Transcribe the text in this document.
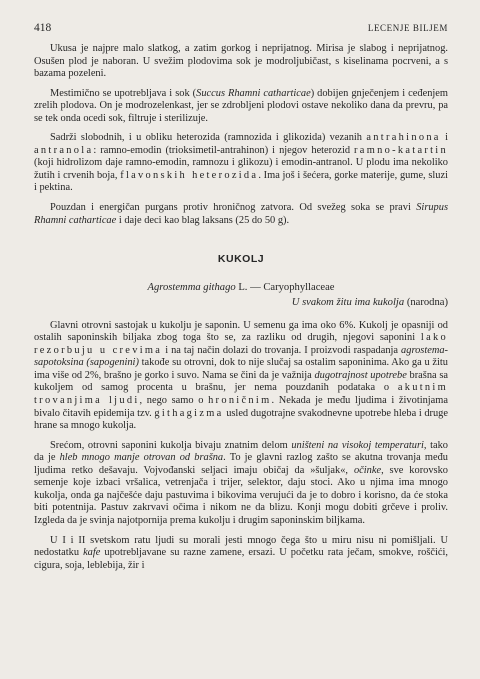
418	LECENJE BILJEM

Ukusa je najpre malo slatkog, a zatim gorkog i neprijatnog. Mirisa je slabog i neprijatnog. Osušen plod je naboran. U svežim plodovima sok je modroljubičast, s kiselinama pocrveni, a s bazama pozeleni.

Mestimično se upotrebljava i sok (Succus Rhamni catharticae) dobijen gnječenjem i ceđenjem zrelih plodova. On je modrozelenkast, jer se zdrobljeni plodovi ostave nekoliko dana da prevru, pa se tek onda ocedi sok, filtruje i sterilizuje.

Sadrži slobodnih, i u obliku heterozida (ramnozida i glikozida) vezanih antrahinona i antranola: ramno-emodin (trioksimetil-antrahinon) i njegov heterozid ramno-katartin (koji hidrolizom daje ramno-emodin, ramnozu i glikozu) i emodin-antranol. U plodu ima nekoliko žutih i crvenih boja, flavonskih heterozida. Ima još i šećera, gorke materije, gume, sluzi i pektina.

Pouzdan i energičan purgans protiv hroničnog zatvora. Od svežeg soka se pravi Sirupus Rhamni catharticae i daje deci kao blag laksans (25 do 50 g).

KUKOLJ
Agrostemma githago L. — Caryophyllaceae
U svakom žitu ima kukolja (narodna)

Glavni otrovni sastojak u kukolju je saponin. U semenu ga ima oko 6%. Kukolj je opasniji od ostalih saponinskih biljaka zbog toga što se, za razliku od drugih, njegovi saponini lako rezorbuju u crevima i na taj način dolazi do trovanja. I proizvodi raspadanja agrostema-sapotoksina (sapogenini) takođe su otrovni, dok to nije slučaj sa ostalim saponinima. Ako ga u žitu ima više od 2%, brašno je gorko i suvo. Nama se čini da je važnija dugotrajnost upotrebe brašna sa kukoljem od samog procenta u brašnu, jer nema pouzdanih podataka o akutnim trovanjima ljudi, nego samo o hroničnim. Nekada je među ljudima i životinjama bivalo čitavih epidemija tzv. githagizma usled dugotrajne svakodnevne upotrebe hleba i druge hrane sa mnogo kukolja.

Srećom, otrovni saponini kukolja bivaju znatnim delom uništeni na visokoj temperaturi, tako da je hleb mnogo manje otrovan od brašna. To je glavni razlog zašto se akutna trovanja među ljudima retko dešavaju. Vojvođanski seljaci imaju običaj da »šuljak«, očinke, sve korovsko semenje koje izbaci vršalica, vetrenjača i trijer, selektor, daju stoci. Ako u njima ima mnogo kukolja, onda ga najčešće daju pastuvima i bikovima verujući da je to dobro i korisno, da će stoka biti potentnija. Pastuv zakrvavi očima i nikom ne da blizu. Konji mogu dobiti grčeve i proliv. Izgleda da je svinja najotpornija prema kukolju i drugim saponinskim biljkama.

U I i II svetskom ratu ljudi su morali jesti mnogo čega što u miru nisu ni pomišljali. U nedostatku kafe upotrebljavane su razne zamene, ersazi. U početku rata ječam, smokve, roščići, cigura, soja, leblebija, žir i
